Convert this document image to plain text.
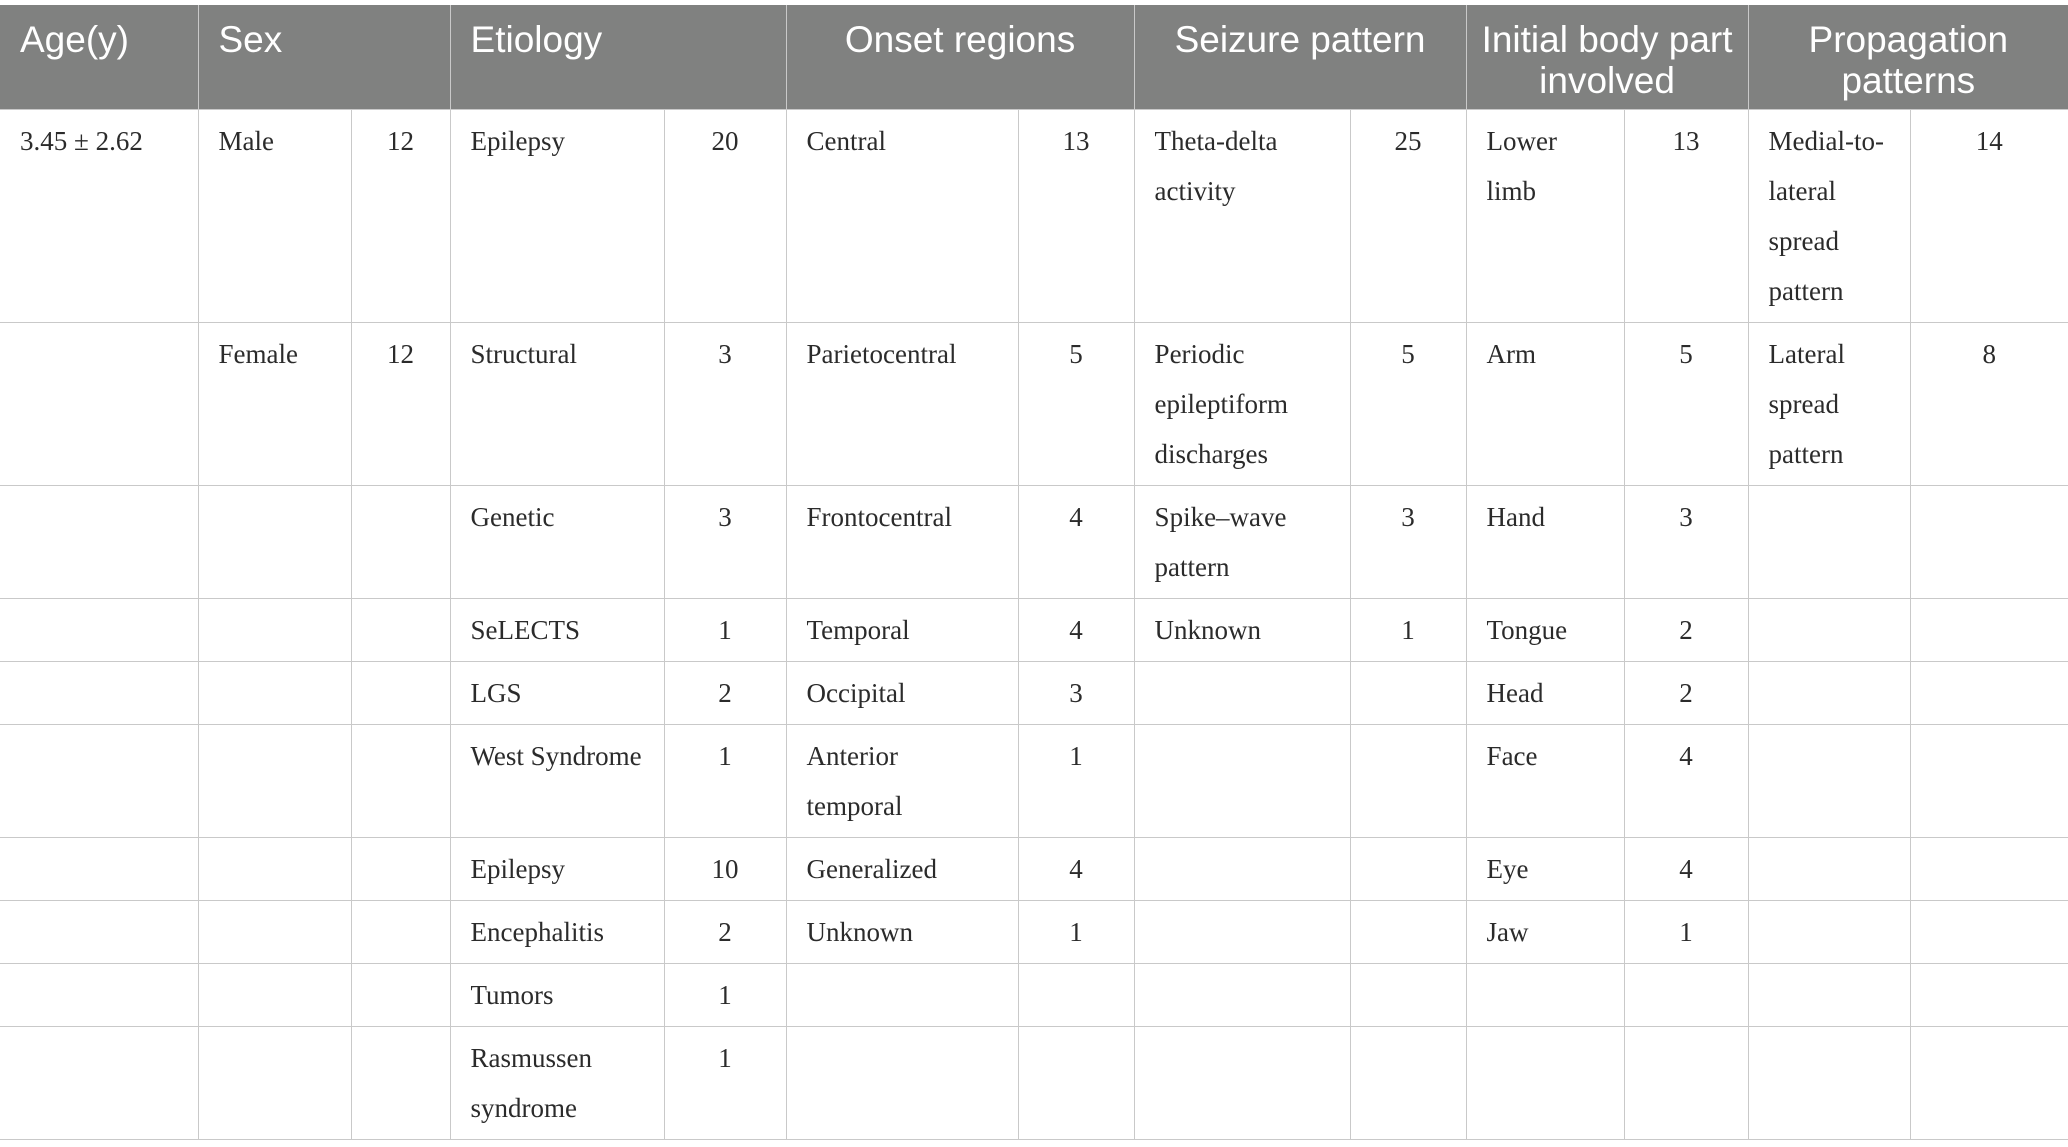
Age(y)	Sex		Etiology		Onset regions		Seizure pattern		Initial body part involved		Propagation patterns	
3.45 ± 2.62	Male	12	Epilepsy	20	Central	13	Theta-delta activity	25	Lower limb	13	Medial-to-lateral spread pattern	14
	Female	12	Structural	3	Parietocentral	5	Periodic epileptiform discharges	5	Arm	5	Lateral spread pattern	8
			Genetic	3	Frontocentral	4	Spike–wave pattern	3	Hand	3		
			SeLECTS	1	Temporal	4	Unknown	1	Tongue	2		
			LGS	2	Occipital	3			Head	2		
			West Syndrome	1	Anterior temporal	1			Face	4		
			Epilepsy	10	Generalized	4			Eye	4		
			Encephalitis	2	Unknown	1			Jaw	1		
			Tumors	1								
			Rasmussen syndrome	1								
